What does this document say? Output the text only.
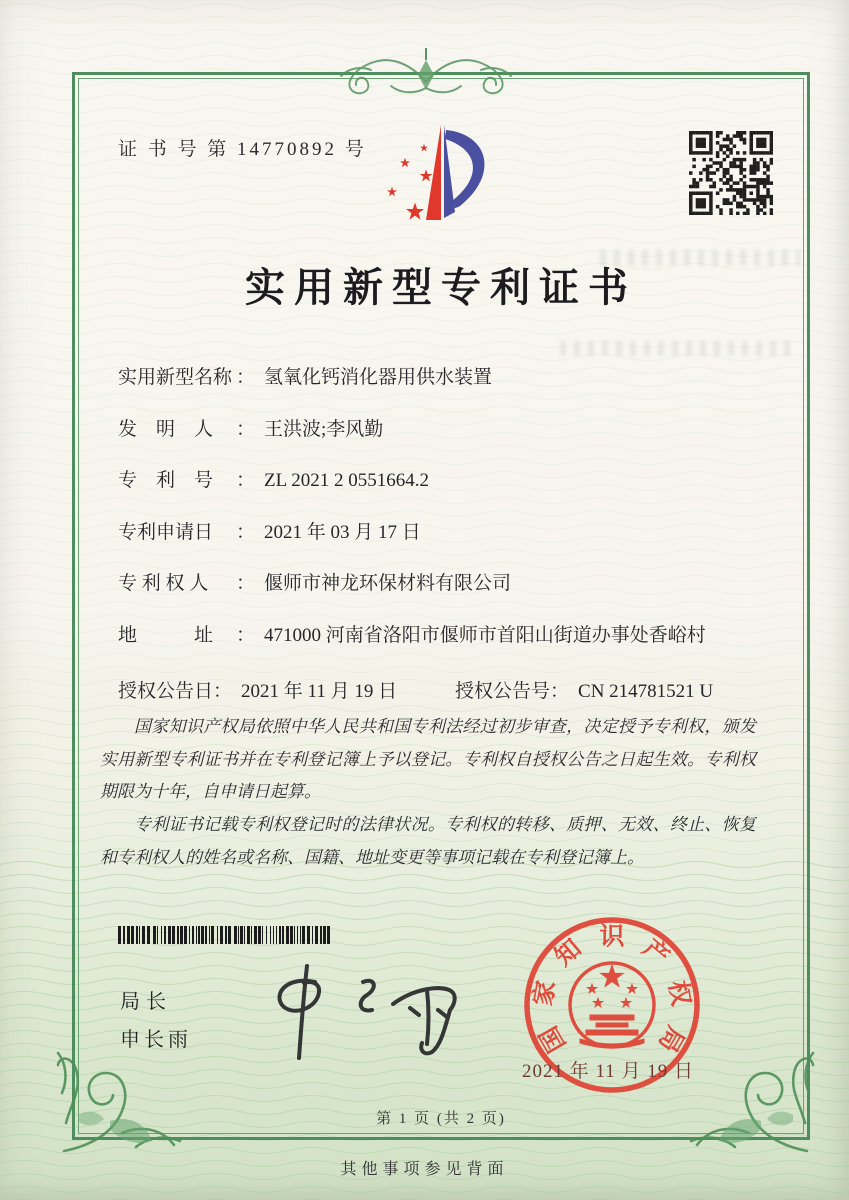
证 书 号 第 14770892 号
实用新型专利证书
实用新型名称 ： 氢氧化钙消化器用供水装置
发　明　人 ： 王洪波;李风勤
专　利　号 ： ZL 2021 2 0551664.2
专利申请日 ： 2021 年 03 月 17 日
专 利 权 人 ： 偃师市神龙环保材料有限公司
地　　　址 ： 471000 河南省洛阳市偃师市首阳山街道办事处香峪村
授权公告日： 2021 年 11 月 19 日	授权公告号： CN 214781521 U

国家知识产权局依照中华人民共和国专利法经过初步审查，决定授予专利权，颁发实用新型专利证书并在专利登记簿上予以登记。专利权自授权公告之日起生效。专利权期限为十年，自申请日起算。

专利证书记载专利权登记时的法律状况。专利权的转移、质押、无效、终止、恢复和专利权人的姓名或名称、国籍、地址变更等事项记载在专利登记簿上。

局长
申长雨	国
家
知 识 产
权
局
2021 年 11 月 19 日
第 1 页 (共 2 页)
其他事项参见背面
